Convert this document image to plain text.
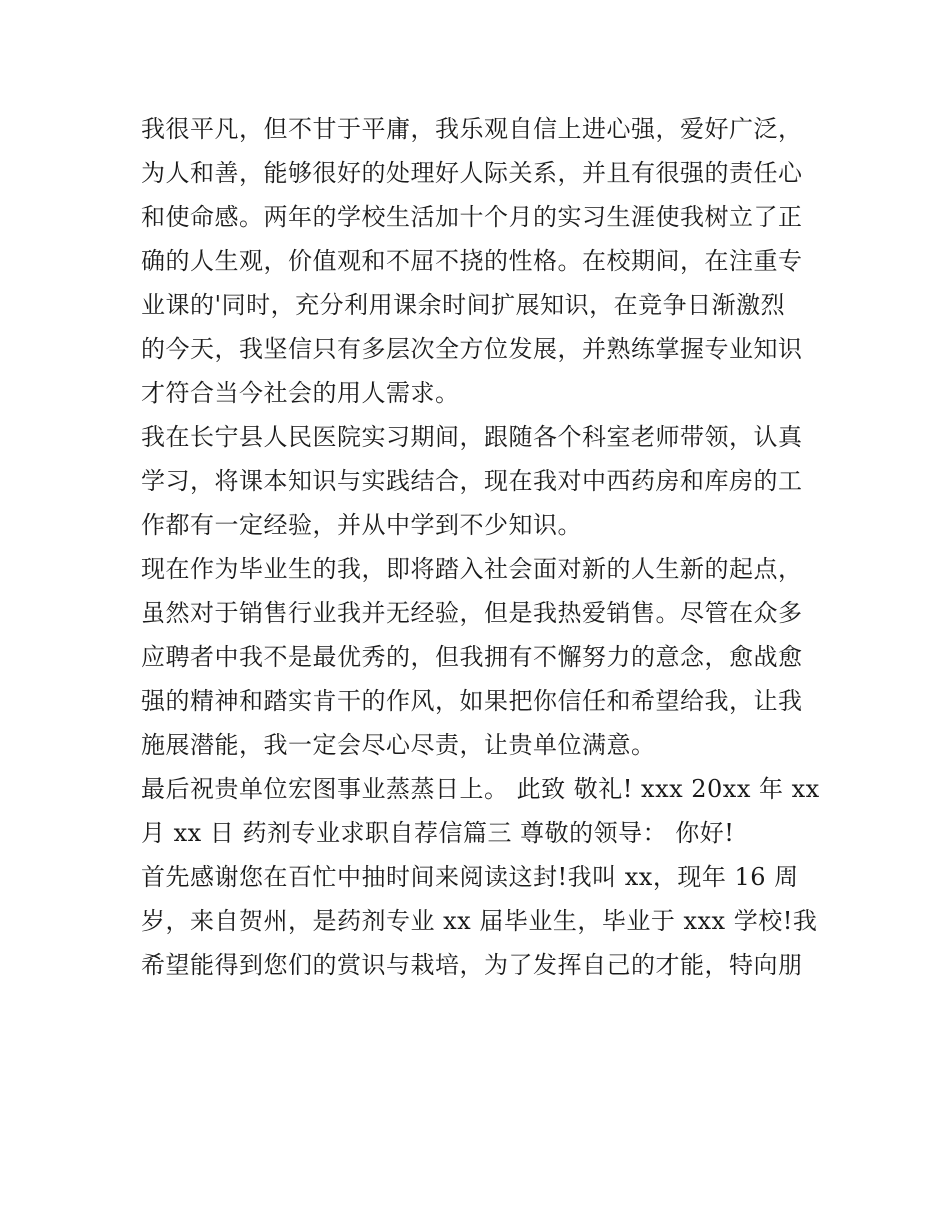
我很平凡，但不甘于平庸，我乐观自信上进心强，爱好广泛，
为人和善，能够很好的处理好人际关系，并且有很强的责任心
和使命感。两年的学校生活加十个月的实习生涯使我树立了正
确的人生观，价值观和不屈不挠的性格。在校期间，在注重专
业课的'同时，充分利用课余时间扩展知识，在竞争日渐激烈
的今天，我坚信只有多层次全方位发展，并熟练掌握专业知识
才符合当今社会的用人需求。
我在长宁县人民医院实习期间，跟随各个科室老师带领，认真
学习，将课本知识与实践结合，现在我对中西药房和库房的工
作都有一定经验，并从中学到不少知识。
现在作为毕业生的我，即将踏入社会面对新的人生新的起点，
虽然对于销售行业我并无经验，但是我热爱销售。尽管在众多
应聘者中我不是最优秀的，但我拥有不懈努力的意念，愈战愈
强的精神和踏实肯干的作风，如果把你信任和希望给我，让我
施展潜能，我一定会尽心尽责，让贵单位满意。
最后祝贵单位宏图事业蒸蒸日上。 此致 敬礼! xxx 20xx 年 xx
月 xx 日 药剂专业求职自荐信篇三 尊敬的领导： 你好!
首先感谢您在百忙中抽时间来阅读这封!我叫 xx，现年 16 周
岁，来自贺州，是药剂专业 xx 届毕业生，毕业于 xxx 学校!我
希望能得到您们的赏识与栽培，为了发挥自己的才能，特向朋
